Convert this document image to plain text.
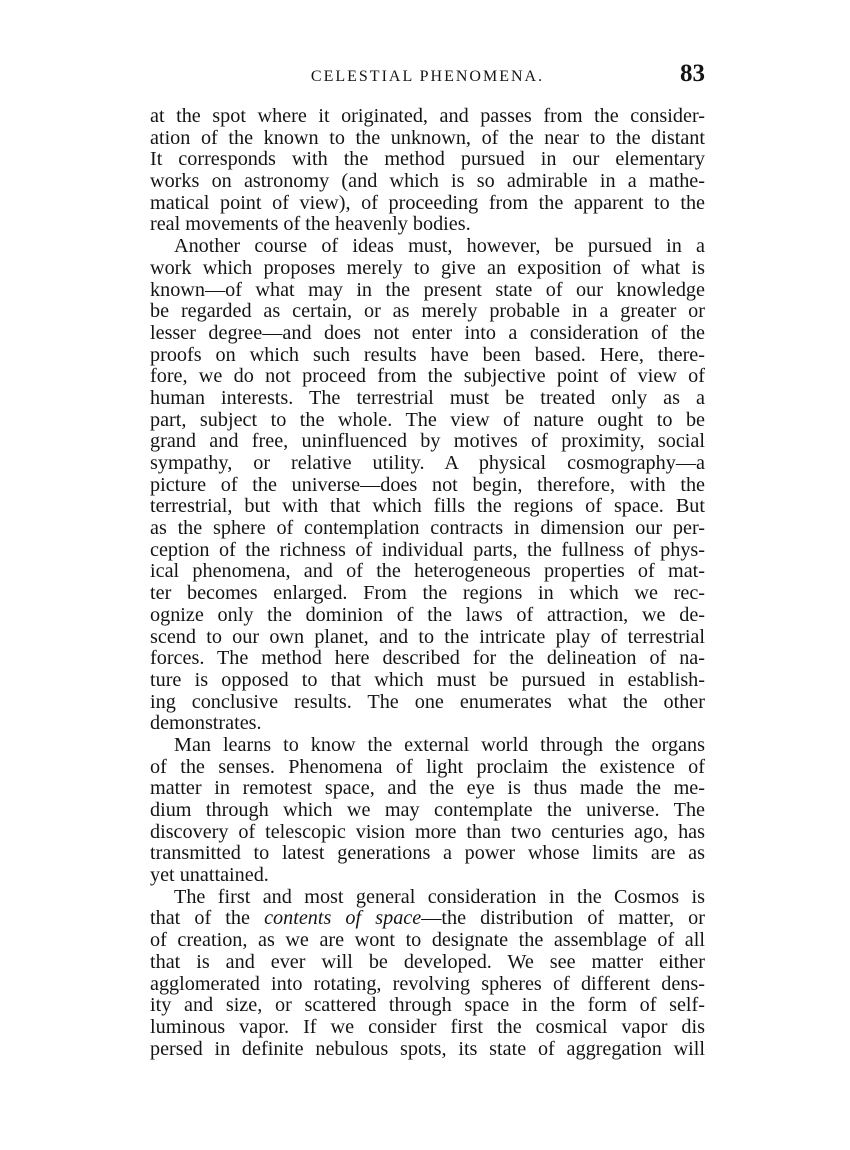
CELESTIAL PHENOMENA.	83
at the spot where it originated, and passes from the consider-
ation of the known to the unknown, of the near to the distant
It corresponds with the method pursued in our elementary
works on astronomy (and which is so admirable in a mathe-
matical point of view), of proceeding from the apparent to the
real movements of the heavenly bodies.
Another course of ideas must, however, be pursued in a
work which proposes merely to give an exposition of what is
known—of what may in the present state of our knowledge
be regarded as certain, or as merely probable in a greater or
lesser degree—and does not enter into a consideration of the
proofs on which such results have been based. Here, there-
fore, we do not proceed from the subjective point of view of
human interests. The terrestrial must be treated only as a
part, subject to the whole. The view of nature ought to be
grand and free, uninfluenced by motives of proximity, social
sympathy, or relative utility. A physical cosmography—a
picture of the universe—does not begin, therefore, with the
terrestrial, but with that which fills the regions of space. But
as the sphere of contemplation contracts in dimension our per-
ception of the richness of individual parts, the fullness of phys-
ical phenomena, and of the heterogeneous properties of mat-
ter becomes enlarged. From the regions in which we rec-
ognize only the dominion of the laws of attraction, we de-
scend to our own planet, and to the intricate play of terrestrial
forces. The method here described for the delineation of na-
ture is opposed to that which must be pursued in establish-
ing conclusive results. The one enumerates what the other
demonstrates.
Man learns to know the external world through the organs
of the senses. Phenomena of light proclaim the existence of
matter in remotest space, and the eye is thus made the me-
dium through which we may contemplate the universe. The
discovery of telescopic vision more than two centuries ago, has
transmitted to latest generations a power whose limits are as
yet unattained.
The first and most general consideration in the Cosmos is
that of the contents of space—the distribution of matter, or
of creation, as we are wont to designate the assemblage of all
that is and ever will be developed. We see matter either
agglomerated into rotating, revolving spheres of different dens-
ity and size, or scattered through space in the form of self-
luminous vapor. If we consider first the cosmical vapor dis
persed in definite nebulous spots, its state of aggregation will
